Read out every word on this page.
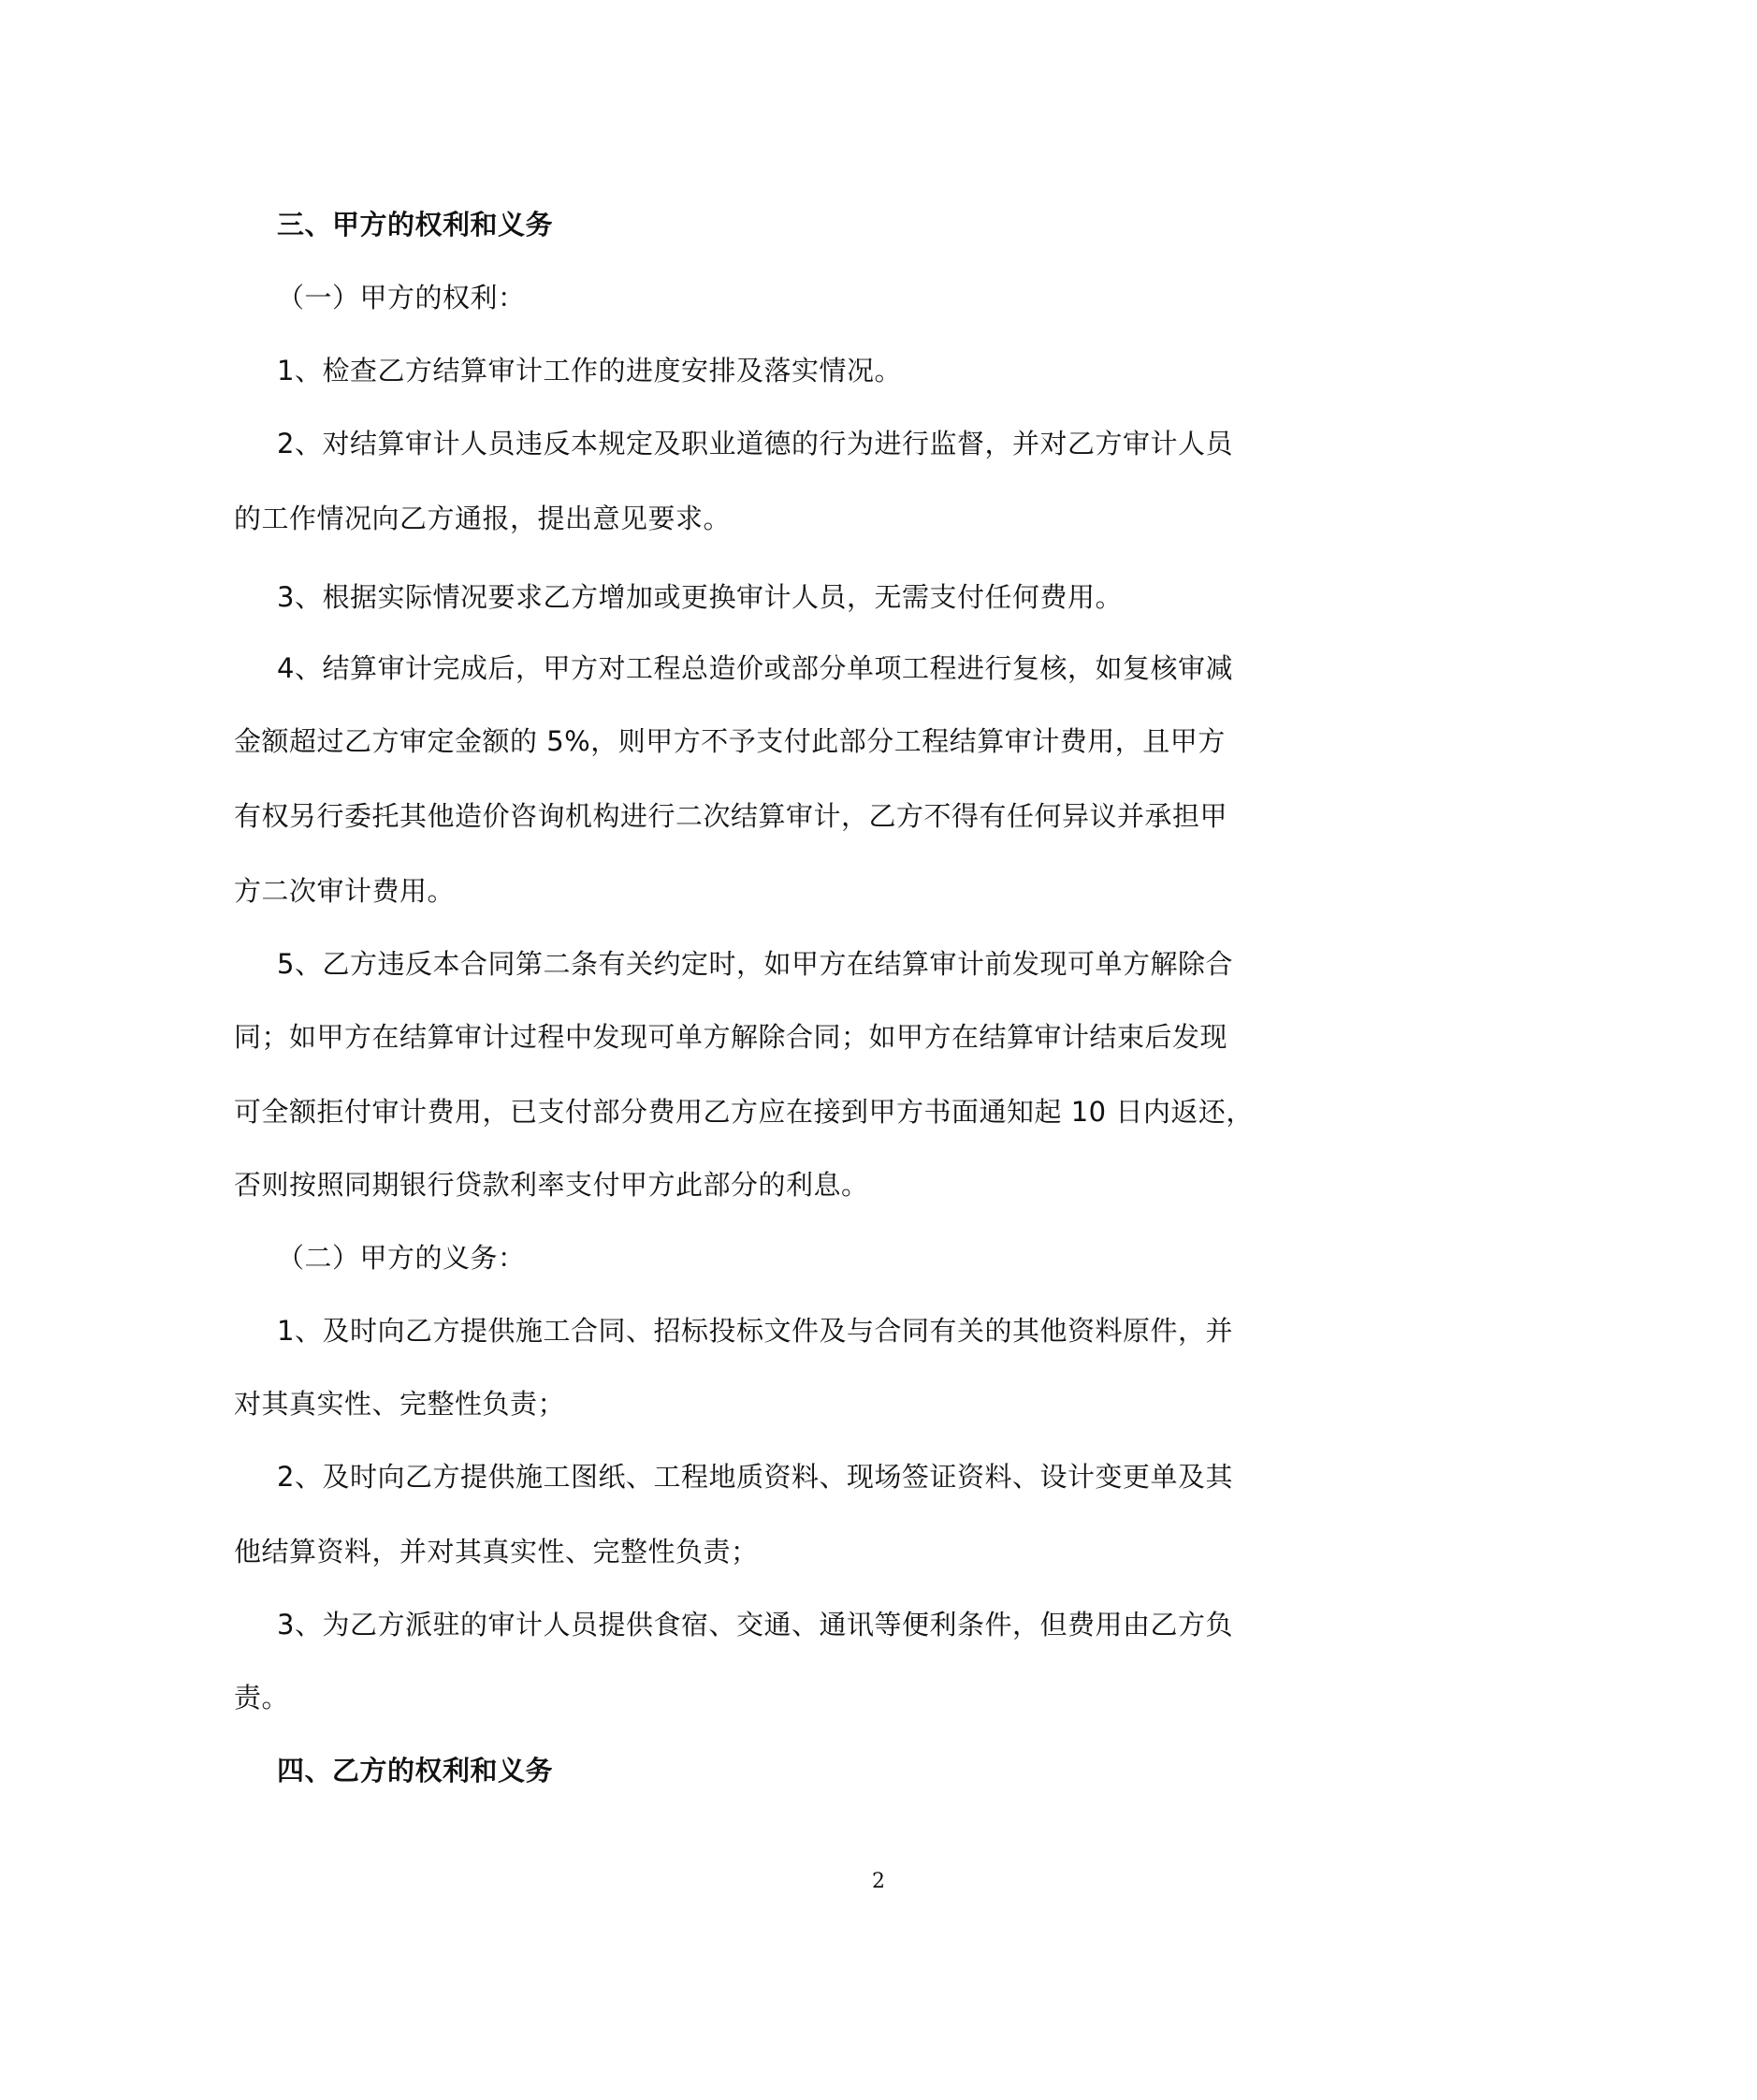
三、甲方的权利和义务
（一）甲方的权利：
1、检查乙方结算审计工作的进度安排及落实情况。
2、对结算审计人员违反本规定及职业道德的行为进行监督，并对乙方审计人员
的工作情况向乙方通报，提出意见要求。
3、根据实际情况要求乙方增加或更换审计人员，无需支付任何费用。
4、结算审计完成后，甲方对工程总造价或部分单项工程进行复核，如复核审减
金额超过乙方审定金额的 5%，则甲方不予支付此部分工程结算审计费用，且甲方
有权另行委托其他造价咨询机构进行二次结算审计，乙方不得有任何异议并承担甲
方二次审计费用。
5、乙方违反本合同第二条有关约定时，如甲方在结算审计前发现可单方解除合
同；如甲方在结算审计过程中发现可单方解除合同；如甲方在结算审计结束后发现
可全额拒付审计费用，已支付部分费用乙方应在接到甲方书面通知起 10 日内返还，
否则按照同期银行贷款利率支付甲方此部分的利息。
（二）甲方的义务：
1、及时向乙方提供施工合同、招标投标文件及与合同有关的其他资料原件，并
对其真实性、完整性负责；
2、及时向乙方提供施工图纸、工程地质资料、现场签证资料、设计变更单及其
他结算资料，并对其真实性、完整性负责；
3、为乙方派驻的审计人员提供食宿、交通、通讯等便利条件，但费用由乙方负
责。
四、乙方的权利和义务
2
